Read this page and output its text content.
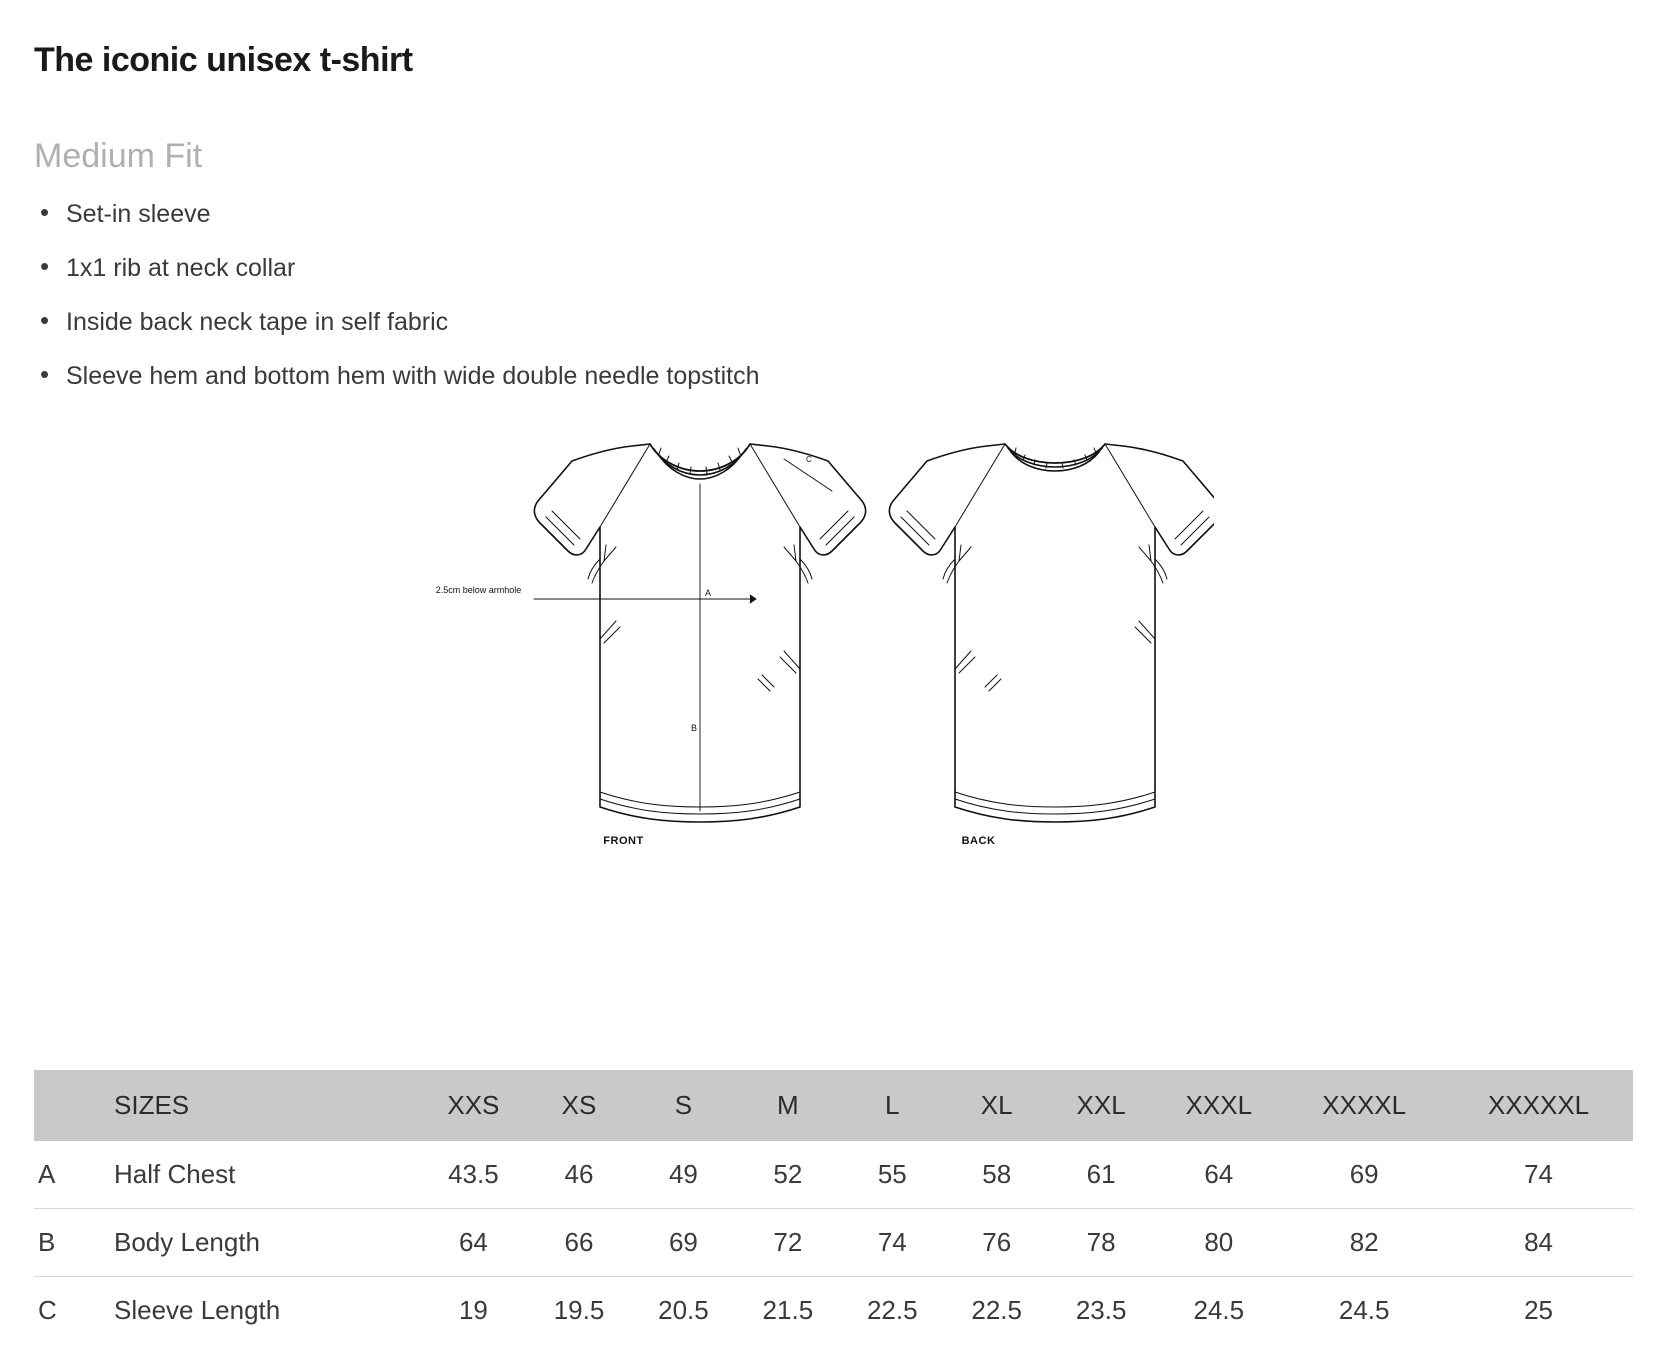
The iconic unisex t-shirt
Medium Fit
• Set-in sleeve
• 1x1 rib at neck collar
• Inside back neck tape in self fabric
• Sleeve hem and bottom hem with wide double needle topstitch
A
B
C
2.5cm below armhole
FRONT	BACK
	SIZES	XXS	XS	S	M	L	XL	XXL	XXXL	XXXXL	XXXXXL
A	Half Chest	43.5	46	49	52	55	58	61	64	69	74
B	Body Length	64	66	69	72	74	76	78	80	82	84
C	Sleeve Length	19	19.5	20.5	21.5	22.5	22.5	23.5	24.5	24.5	25
